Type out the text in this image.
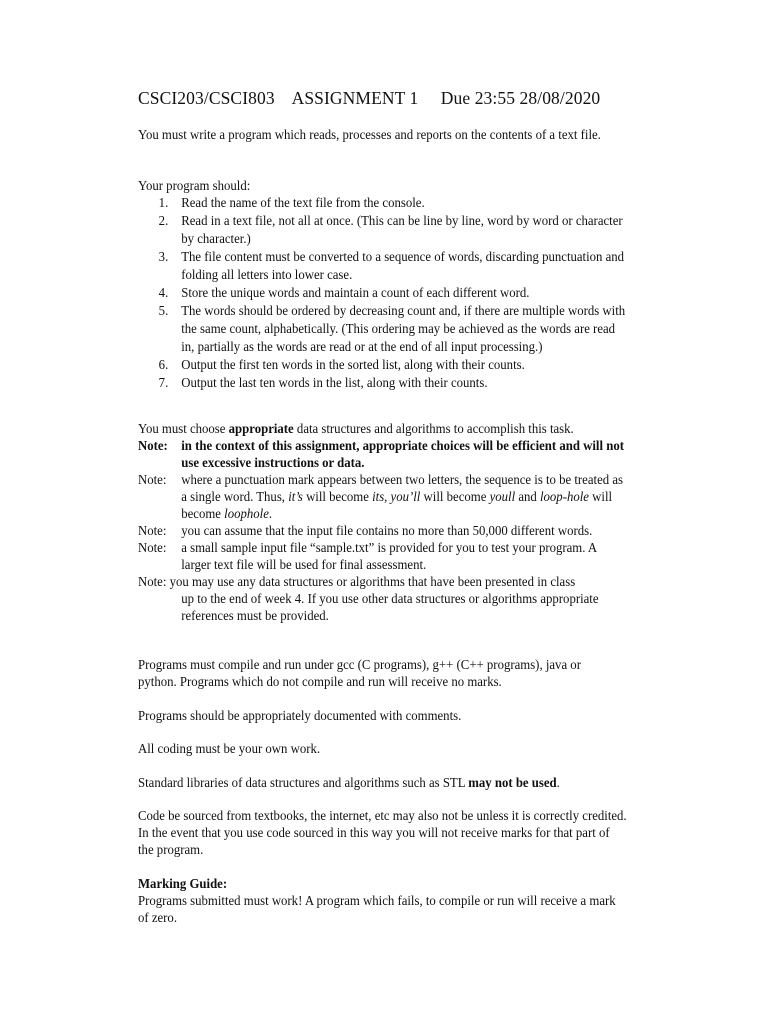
CSCI203/CSCI803    ASSIGNMENT 1     Due 23:55 28/08/2020
You must write a program which reads, processes and reports on the contents of a text file.
Your program should:
1. Read the name of the text file from the console.
2. Read in a text file, not all at once. (This can be line by line, word by word or character by character.)
3. The file content must be converted to a sequence of words, discarding punctuation and folding all letters into lower case.
4. Store the unique words and maintain a count of each different word.
5. The words should be ordered by decreasing count and, if there are multiple words with the same count, alphabetically. (This ordering may be achieved as the words are read in, partially as the words are read or at the end of all input processing.)
6. Output the first ten words in the sorted list, along with their counts.
7. Output the last ten words in the list, along with their counts.
You must choose appropriate data structures and algorithms to accomplish this task.
Note: in the context of this assignment, appropriate choices will be efficient and will not use excessive instructions or data.
Note: where a punctuation mark appears between two letters, the sequence is to be treated as a single word. Thus, it’s will become its, you’ll will become youll and loop-hole will become loophole.
Note: you can assume that the input file contains no more than 50,000 different words.
Note: a small sample input file “sample.txt” is provided for you to test your program. A larger text file will be used for final assessment.
Note: you may use any data structures or algorithms that have been presented in class
up to the end of week 4. If you use other data structures or algorithms appropriate references must be provided.
Programs must compile and run under gcc (C programs), g++ (C++ programs), java or python. Programs which do not compile and run will receive no marks.
Programs should be appropriately documented with comments.
All coding must be your own work.
Standard libraries of data structures and algorithms such as STL may not be used.
Code be sourced from textbooks, the internet, etc may also not be unless it is correctly credited. In the event that you use code sourced in this way you will not receive marks for that part of the program.
Marking Guide:
Programs submitted must work! A program which fails, to compile or run will receive a mark of zero.
